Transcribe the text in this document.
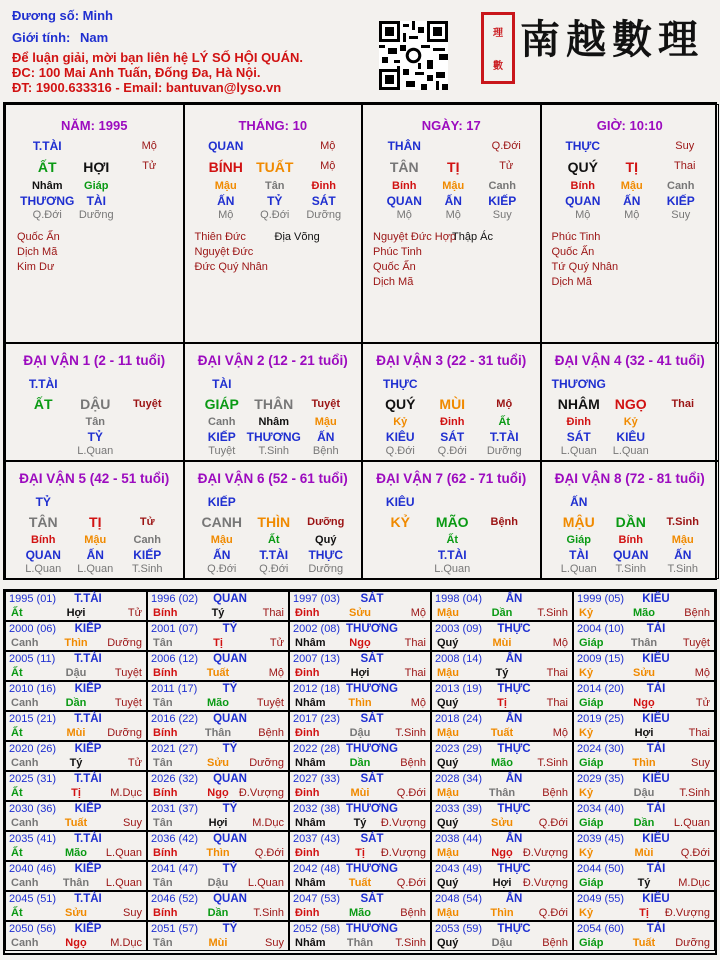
Đương số: Minh
Giới tính: Nam
Để luận giải, mời bạn liên hệ LÝ SỐ HỘI QUÁN.
ĐC: 100 Mai Anh Tuấn, Đống Đa, Hà Nội.
ĐT: 1900.633316 - Email: bantuvan@lyso.vn
理
數
南越數理
NĂM: 1995
T.TÀI	Mộ
ẤT HỢI	Tử
Nhâm
THƯƠNG
Q.Đới
Giáp
TÀI
Dưỡng
Quốc Ấn
Dịch Mã
Kim Dư
THÁNG: 10
QUAN	Mộ
BÍNH TUẤT Mộ
Mậu
ẤN
Mộ
Tân
TỶ
Q.Đới
Đinh
SÁT
Dưỡng
Thiên Đức
Nguyệt Đức
Đức Quý Nhân
Địa Võng
NGÀY: 17
THÂN	Q.Đới
TÂN TỊ	Tử
Bính
QUAN
Mộ
Mậu
ẤN
Mộ
Canh
KIẾP
Suy
Nguyệt Đức Hợp
Phúc Tinh
Quốc Ấn
Dịch Mã
Thập Ác
GIỜ: 10:10
THỰC	Suy
QUÝ TỊ	Thai
Bính
QUAN
Mộ
Mậu
ẤN
Mộ
Canh
KIẾP
Suy
Phúc Tinh
Quốc Ấn
Tứ Quý Nhân
Dịch Mã
ĐẠI VẬN 1 (2 - 11 tuổi)
T.TÀI
ẤT DẬU Tuyệt
Tân
TỶ
L.Quan
ĐẠI VẬN 2 (12 - 21 tuổi)
TÀI
GIÁP THÂN Tuyệt
Canh
KIẾP
Tuyệt
Nhâm
THƯƠNG
T.Sinh
Mậu
ẤN
Bệnh
ĐẠI VẬN 3 (22 - 31 tuổi)
THỰC
QUÝ MÙI	Mộ
Kỷ
KIÊU
Q.Đới
Đinh
SÁT
Q.Đới
Ất
T.TÀI
Dưỡng
ĐẠI VẬN 4 (32 - 41 tuổi)
THƯƠNG
NHÂM NGỌ Thai
Đinh
SÁT
L.Quan
Kỷ
KIÊU
L.Quan
ĐẠI VẬN 5 (42 - 51 tuổi)
TỶ
TÂN TỊ	Tử
Bính
QUAN
L.Quan
Mậu
ẤN
L.Quan
Canh
KIẾP
T.Sinh
ĐẠI VẬN 6 (52 - 61 tuổi)
KIẾP
CANH THÌN Dưỡng
Mậu
ẤN
Q.Đới
Ất
T.TÀI
Q.Đới
Quý
THỰC
Dưỡng
ĐẠI VẬN 7 (62 - 71 tuổi)
KIÊU
KỶ MÃO Bệnh
Ất
T.TÀI
L.Quan
ĐẠI VẬN 8 (72 - 81 tuổi)
ẤN
MẬU DẦN T.Sinh
Giáp
TÀI
L.Quan
Bính
QUAN
T.Sinh
Mậu
ẤN
T.Sinh
1995 (01) T.TÀI
Ất	Hợi	Tử
1996 (02) QUAN
Bính	Tý	Thai
1997 (03) SÁT
Đinh	Sửu	Mộ
1998 (04) ẤN
Mậu	Dần T.Sinh
1999 (05) KIÊU
Kỷ	Mão	Bệnh
2000 (06) KIẾP
Canh Thìn Dưỡng
2001 (07) TỶ
Tân	Tị	Tử
2002 (08) THƯƠNG
Nhâm Ngọ	Thai
2003 (09) THỰC
Quý	Mùi	Mộ
2004 (10) TÀI
Giáp Thân Tuyệt
2005 (11) T.TÀI
Ất	Dậu	Tuyệt
2006 (12) QUAN
Bính	Tuất	Mộ
2007 (13) SÁT
Đinh	Hợi	Thai
2008 (14) ẤN
Mậu	Tý	Thai
2009 (15) KIÊU
Kỷ	Sửu	Mộ
2010 (16) KIẾP
Canh Dần	Tuyệt
2011 (17) TỶ
Tân	Mão	Tuyệt
2012 (18) THƯƠNG
Nhâm Thìn	Mộ
2013 (19) THỰC
Quý	Tị	Thai
2014 (20) TÀI
Giáp	Ngọ	Tử
2015 (21) T.TÀI
Ất	Mùi Dưỡng
2016 (22) QUAN
Bính Thân Bệnh
2017 (23) SÁT
Đinh	Dậu T.Sinh
2018 (24) ẤN
Mậu	Tuất	Mộ
2019 (25) KIÊU
Kỷ	Hợi	Thai
2020 (26) KIẾP
Canh	Tý	Tử
2021 (27) TỶ
Tân	Sửu Dưỡng
2022 (28) THƯƠNG
Nhâm Dần	Bệnh
2023 (29) THỰC
Quý	Mão T.Sinh
2024 (30) TÀI
Giáp	Thìn	Suy
2025 (31) T.TÀI
Ất	Tị	M.Dục
2026 (32) QUAN
Bính	Ngọ Đ.Vượng
2027 (33) SÁT
Đinh	Mùi Q.Đới
2028 (34) ẤN
Mậu	Thân Bệnh
2029 (35) KIÊU
Kỷ	Dậu T.Sinh
2030 (36) KIẾP
Canh Tuất	Suy
2031 (37) TỶ
Tân	Hợi M.Dục
2032 (38) THƯƠNG
Nhâm	Tý Đ.Vượng
2033 (39) THỰC
Quý	Sửu Q.Đới
2034 (40) TÀI
Giáp	Dần L.Quan
2035 (41) T.TÀI
Ất	Mão L.Quan
2036 (42) QUAN
Bính	Thìn Q.Đới
2037 (43) SÁT
Đinh	Tị Đ.Vượng
2038 (44) ẤN
Mậu	Ngọ Đ.Vượng
2039 (45) KIÊU
Kỷ	Mùi Q.Đới
2040 (46) KIẾP
Canh Thân L.Quan
2041 (47) TỶ
Tân	Dậu L.Quan
2042 (48) THƯƠNG
Nhâm Tuất Q.Đới
2043 (49) THỰC
Quý	Hợi Đ.Vượng
2044 (50) TÀI
Giáp	Tý	M.Dục
2045 (51) T.TÀI
Ất	Sửu	Suy
2046 (52) QUAN
Bính	Dần T.Sinh
2047 (53) SÁT
Đinh	Mão	Bệnh
2048 (54) ẤN
Mậu	Thìn Q.Đới
2049 (55) KIÊU
Kỷ	Tị Đ.Vượng
2050 (56) KIẾP
Canh Ngọ M.Dục
2051 (57) TỶ
Tân	Mùi	Suy
2052 (58) THƯƠNG
Nhâm Thân T.Sinh
2053 (59) THỰC
Quý	Dậu	Bệnh
2054 (60) TÀI
Giáp	Tuất Dưỡng
